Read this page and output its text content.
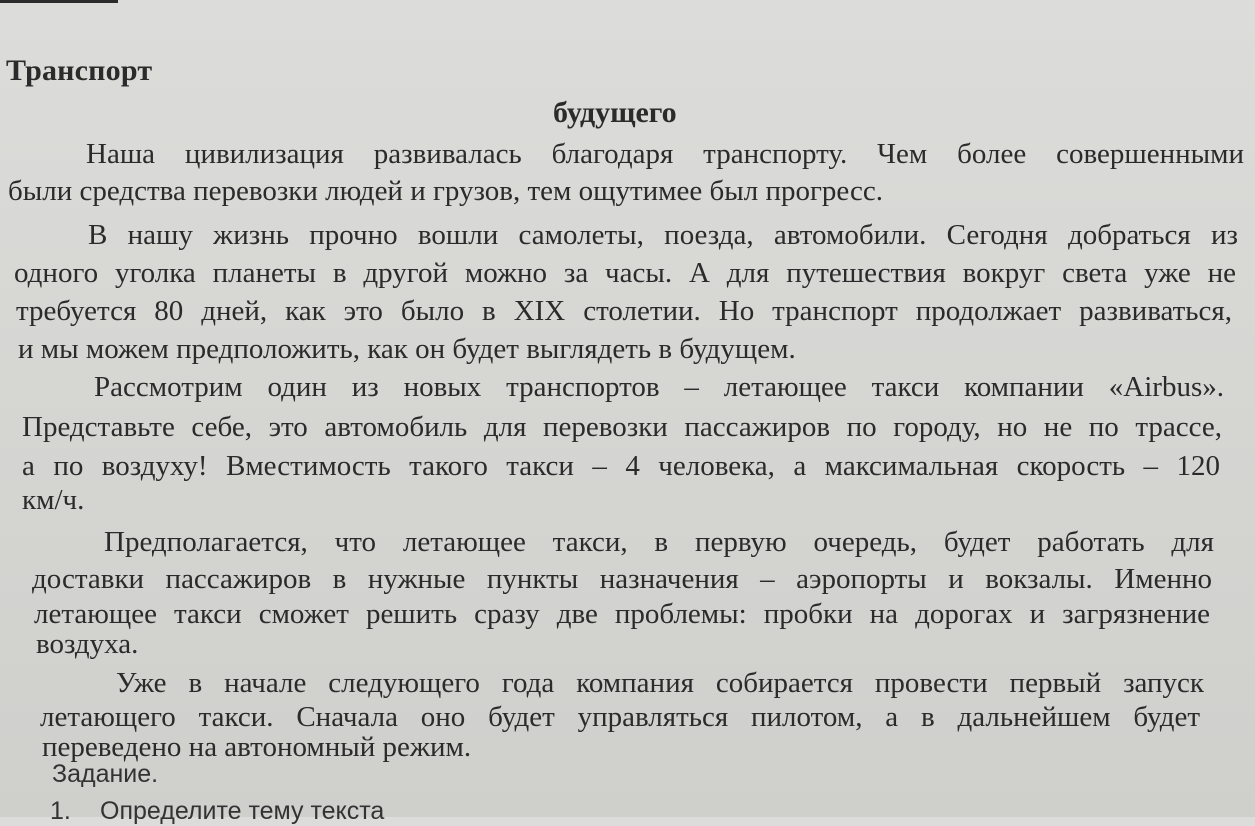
Транспорт
будущего
Наша цивилизация развивалась благодаря транспорту. Чем более совершенными
были средства перевозки людей и грузов, тем ощутимее был прогресс.
В нашу жизнь прочно вошли самолеты, поезда, автомобили. Сегодня добраться из
одного уголка планеты в другой можно за часы. А для путешествия вокруг света уже не
требуется 80 дней, как это было в XIX столетии. Но транспорт продолжает развиваться,
и мы можем предположить, как он будет выглядеть в будущем.
Рассмотрим один из новых транспортов – летающее такси компании «Airbus».
Представьте себе, это автомобиль для перевозки пассажиров по городу, но не по трассе,
а по воздуху! Вместимость такого такси – 4 человека, а максимальная скорость – 120
км/ч.
Предполагается, что летающее такси, в первую очередь, будет работать для
доставки пассажиров в нужные пункты назначения – аэропорты и вокзалы. Именно
летающее такси сможет решить сразу две проблемы: пробки на дорогах и загрязнение
воздуха.
Уже в начале следующего года компания собирается провести первый запуск
летающего такси. Сначала оно будет управляться пилотом, а в дальнейшем будет
переведено на автономный режим.
Задание.
1. Определите тему текста
